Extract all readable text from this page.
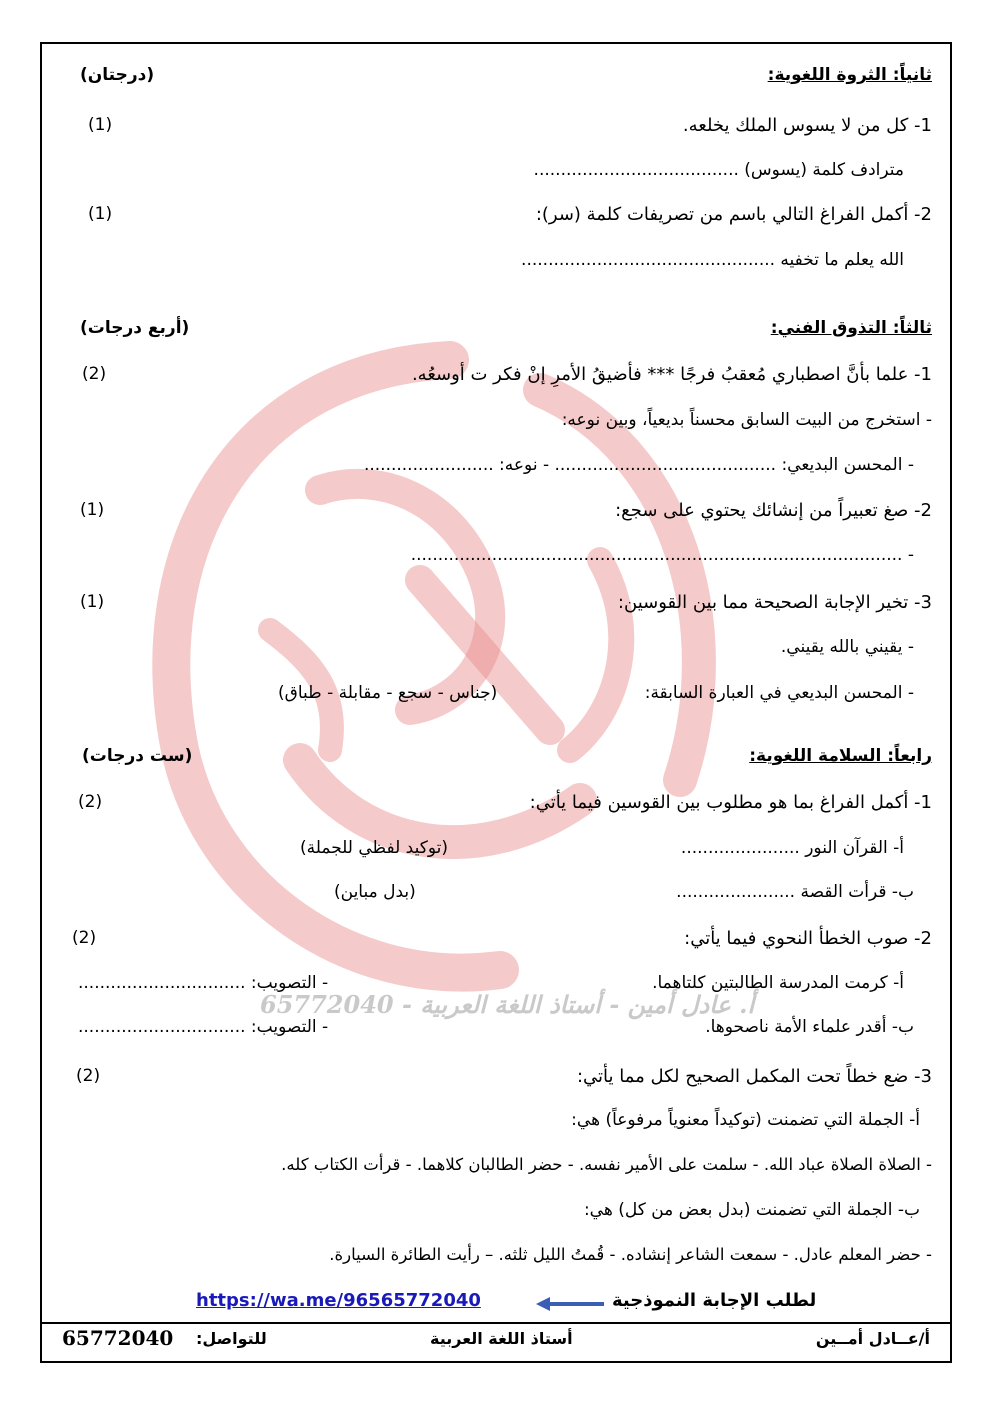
أ. عادل أمين - أستاذ اللغة العربية - 65772040
ثانياً: الثروة اللغوية:
(درجتان)
1- كل من لا يسوس الملك يخلعه.
(1)
مترادف كلمة (يسوس) ......................................
2- أكمل الفراغ التالي باسم من تصريفات كلمة (سر):
(1)
الله يعلم ما تخفيه ...............................................
ثالثاً: التذوق الفني:
(أربع درجات)
1- علما بأنَّ اصطباري مُعقبُ فرجًا *** فأضيقُ الأمرِ إنْ فكر ت أوسعُه.
(2)
- استخرج من البيت السابق محسناً بديعياً، وبين نوعه:
- المحسن البديعي: ......................................... - نوعه: ........................
2- صغ تعبيراً من إنشائك يحتوي على سجع:
(1)
- ...........................................................................................
3- تخير الإجابة الصحيحة مما بين القوسين:
(1)
- يقيني بالله يقيني.
- المحسن البديعي في العبارة السابقة:
(جناس - سجع - مقابلة - طباق)
رابعاً: السلامة اللغوية:
(ست درجات)
1- أكمل الفراغ بما هو مطلوب بين القوسين فيما يأتي:
(2)
أ- القرآن النور ......................
(توكيد لفظي للجملة)
ب- قرأت القصة ......................
(بدل مباين)
2- صوب الخطأ النحوي فيما يأتي:
(2)
أ- كرمت المدرسة الطالبتين كلتاهما.
- التصويب: ...............................
ب- أقدر علماء الأمة ناصحوها.
- التصويب: ...............................
3- ضع خطاً تحت المكمل الصحيح لكل مما يأتي:
(2)
أ- الجملة التي تضمنت (توكيداً معنوياً مرفوعاً) هي:
- الصلاة الصلاة عباد الله. - سلمت على الأمير نفسه. - حضر الطالبان كلاهما. - قرأت الكتاب كله.
ب- الجملة التي تضمنت (بدل بعض من كل) هي:
- حضر المعلم عادل. - سمعت الشاعر إنشاده. - قُمتُ الليل ثلثه. – رأيت الطائرة السيارة.
لطلب الإجابة النموذجية
https://wa.me/96565772040
أ/عــادل أمــين
أستاذ اللغة العربية
للتواصل:
65772040
